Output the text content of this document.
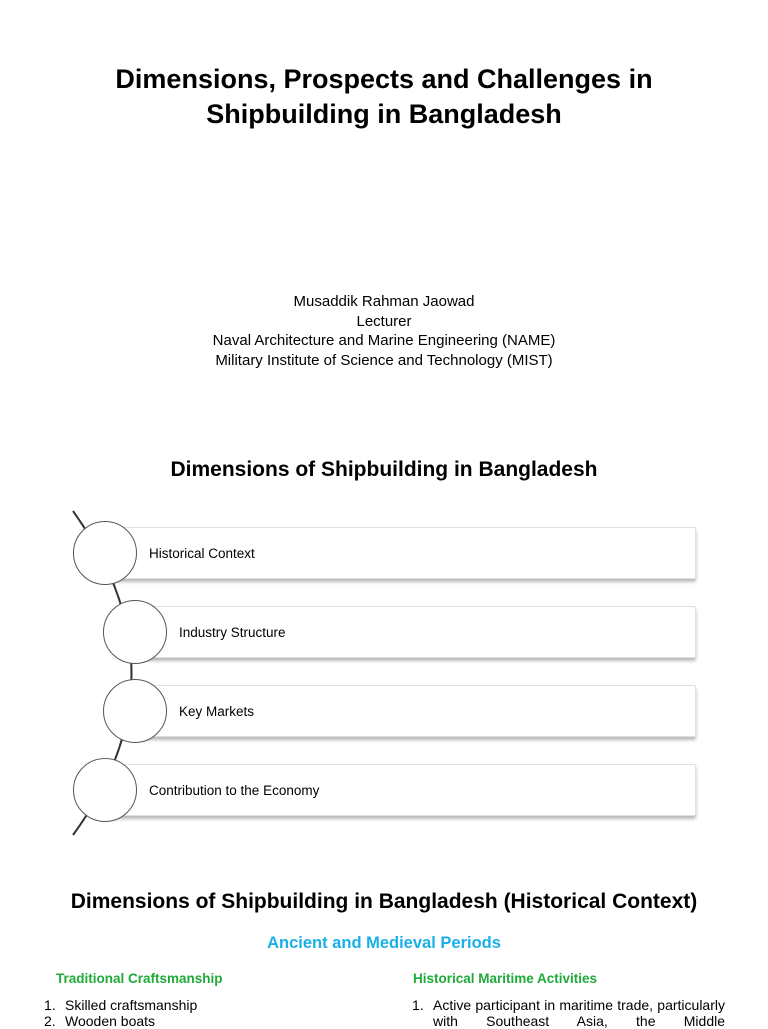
Dimensions, Prospects and Challenges in
Shipbuilding in Bangladesh
Musaddik Rahman Jaowad
Lecturer
Naval Architecture and Marine Engineering (NAME)
Military Institute of Science and Technology (MIST)
Dimensions of Shipbuilding in Bangladesh
Historical Context
Industry Structure
Key Markets
Contribution to the Economy
Dimensions of Shipbuilding in Bangladesh (Historical Context)
Ancient and Medieval Periods
Traditional Craftsmanship
1. Skilled craftsmanship
2. Wooden boats
Historical Maritime Activities
1. Active participant in maritime trade, particularly with Southeast Asia, the Middle
